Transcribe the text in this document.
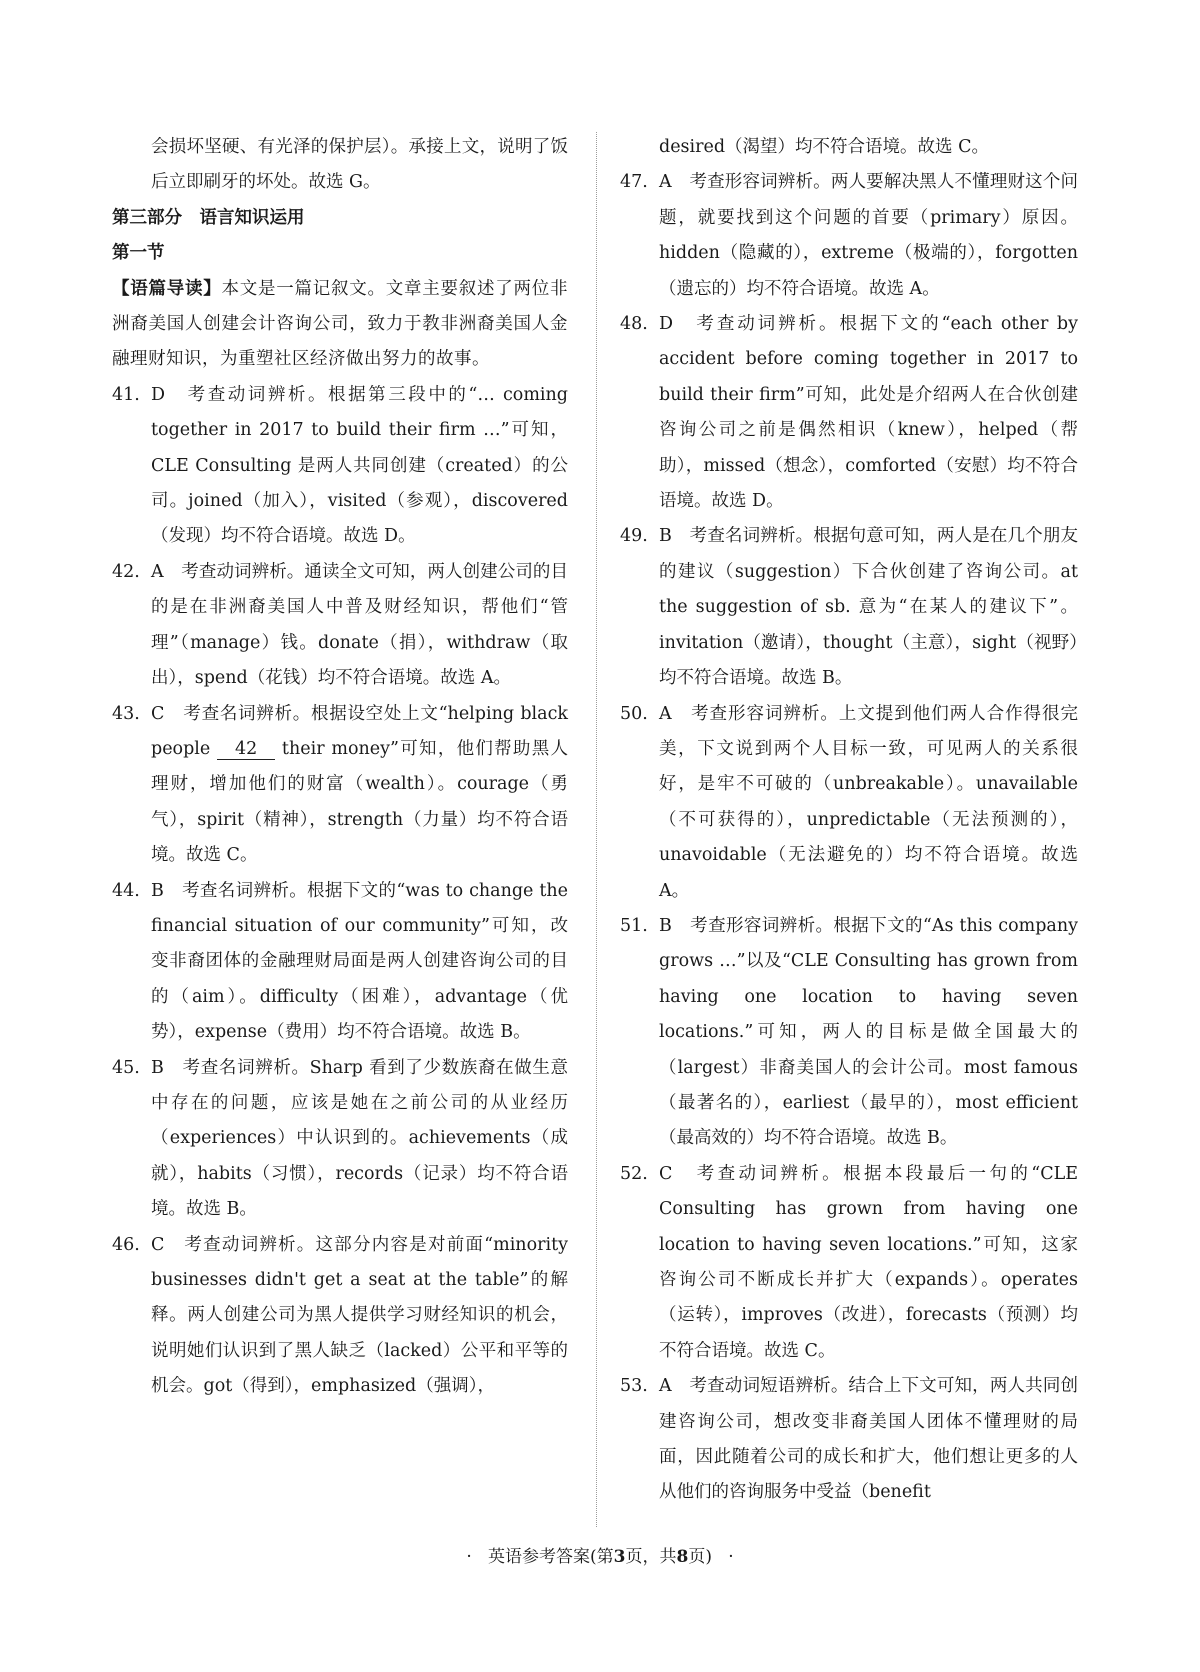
会损坏坚硬、有光泽的保护层）。承接上文，说明了饭后立即刷牙的坏处。故选 G。

第三部分　语言知识运用

第一节

【语篇导读】本文是一篇记叙文。文章主要叙述了两位非洲裔美国人创建会计咨询公司，致力于教非洲裔美国人金融理财知识，为重塑社区经济做出努力的故事。

41. D　考查动词辨析。根据第三段中的“… coming together in 2017 to build their firm …”可知，CLE Consulting 是两人共同创建（created）的公司。joined（加入），visited（参观），discovered（发现）均不符合语境。故选 D。
42. A　考查动词辨析。通读全文可知，两人创建公司的目的是在非洲裔美国人中普及财经知识，帮他们“管理”（manage）钱。donate（捐），withdraw（取出），spend（花钱）均不符合语境。故选 A。
43. C　考查名词辨析。根据设空处上文“helping black people 42 their money”可知，他们帮助黑人理财，增加他们的财富（wealth）。courage（勇气），spirit（精神），strength（力量）均不符合语境。故选 C。
44. B　考查名词辨析。根据下文的“was to change the financial situation of our community”可知，改变非裔团体的金融理财局面是两人创建咨询公司的目的（aim）。difficulty（困难），advantage（优势），expense（费用）均不符合语境。故选 B。
45. B　考查名词辨析。Sharp 看到了少数族裔在做生意中存在的问题，应该是她在之前公司的从业经历（experiences）中认识到的。achievements（成就），habits（习惯），records（记录）均不符合语境。故选 B。
46. C　考查动词辨析。这部分内容是对前面“minority businesses didn't get a seat at the table”的解释。两人创建公司为黑人提供学习财经知识的机会，说明她们认识到了黑人缺乏（lacked）公平和平等的机会。got（得到），emphasized（强调），

desired（渴望）均不符合语境。故选 C。

47. A　考查形容词辨析。两人要解决黑人不懂理财这个问题，就要找到这个问题的首要（primary）原因。hidden（隐藏的），extreme（极端的），forgotten（遗忘的）均不符合语境。故选 A。
48. D　考查动词辨析。根据下文的“each other by accident before coming together in 2017 to build their firm”可知，此处是介绍两人在合伙创建咨询公司之前是偶然相识（knew），helped（帮助），missed（想念），comforted（安慰）均不符合语境。故选 D。
49. B　考查名词辨析。根据句意可知，两人是在几个朋友的建议（suggestion）下合伙创建了咨询公司。at the suggestion of sb. 意为“在某人的建议下”。invitation（邀请），thought（主意），sight（视野）均不符合语境。故选 B。
50. A　考查形容词辨析。上文提到他们两人合作得很完美，下文说到两个人目标一致，可见两人的关系很好，是牢不可破的（unbreakable）。unavailable（不可获得的），unpredictable（无法预测的），unavoidable（无法避免的）均不符合语境。故选 A。
51. B　考查形容词辨析。根据下文的“As this company grows …”以及“CLE Consulting has grown from having one location to having seven locations.”可知，两人的目标是做全国最大的（largest）非裔美国人的会计公司。most famous（最著名的），earliest（最早的），most efficient（最高效的）均不符合语境。故选 B。
52. C　考查动词辨析。根据本段最后一句的“CLE Consulting has grown from having one location to having seven locations.”可知，这家咨询公司不断成长并扩大（expands）。operates（运转），improves（改进），forecasts（预测）均不符合语境。故选 C。
53. A　考查动词短语辨析。结合上下文可知，两人共同创建咨询公司，想改变非裔美国人团体不懂理财的局面，因此随着公司的成长和扩大，他们想让更多的人从他们的咨询服务中受益（benefit
· 英语参考答案(第3页，共8页) ·
